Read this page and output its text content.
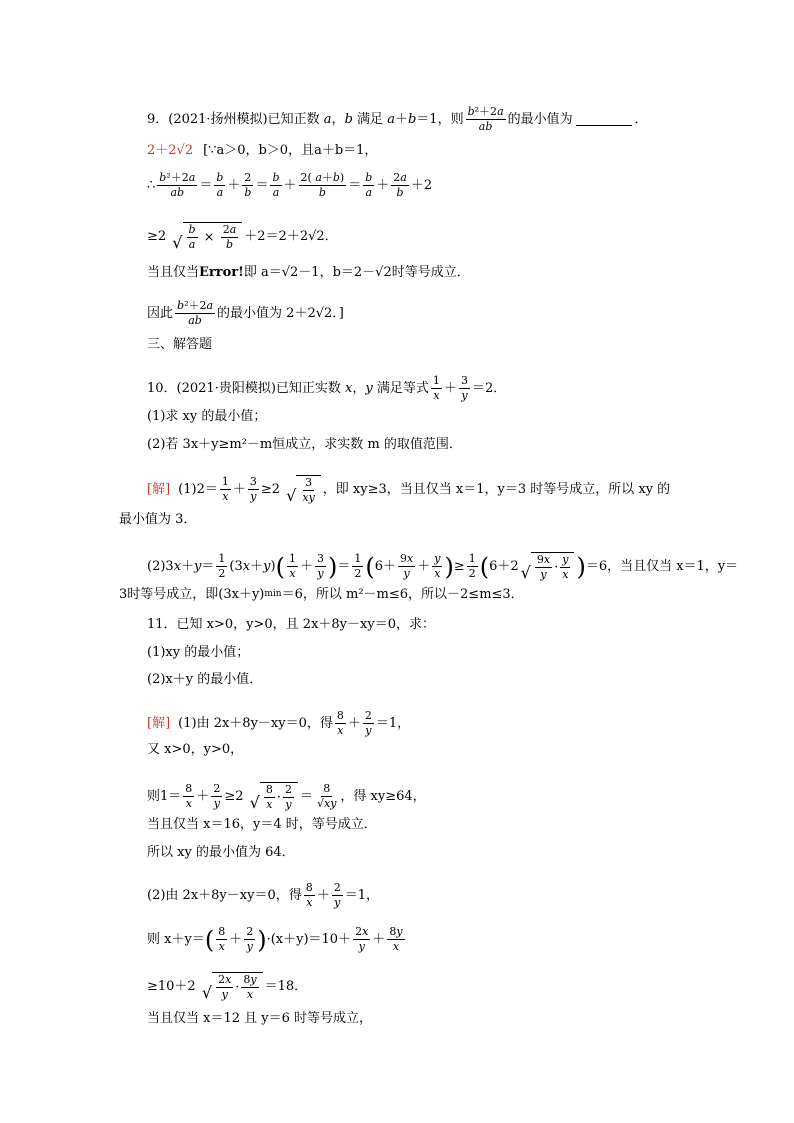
9．(2021·扬州模拟)已知正数
a ， b
满足
a ＋ b ＝1， 则 $\frac{\text{b²＋2a}}{ab}$ 的最小值为	．
2＋2√2 [∵a＞0，b＞0，且a＋b＝1，
∴ $\frac{\text{b²＋2a}}{ab} = \frac{b}{a} + \frac{2}{b} = \frac{b}{a} + \frac{2( a+b)}{b} = \frac{b}{a} + \frac{2a}{b} +2$
≥2 √ $\frac{b}{a} \times \frac{2a}{b} +2=2+2√2$．
当且仅当 Error! 即 a＝√2－1，b＝2－√2时等号成立．
因此 $\frac{\text{b²＋2a}}{ab}$ 的最小值为 2＋2√2．]
三、解答题
10．(2021·贵阳模拟)已知正实数
x ， y
满足等式 $\frac{1}{x} + \frac{3}{y} =2$．
(1)求 xy 的最小值；
(2)若 3x＋y≥m²－m恒成立，求实数 m 的取值范围．
[解] $(1)2= \frac{1}{x} + \frac{3}{y} \ge 2$ √ $\frac{3}{xy}$ ，即 xy≥3，当且仅当 x＝1，y＝3 时等号成立，所以 xy 的
最小值为 3．
(2)3 $x + y = \frac{1}{2} (3$ x ＋ y ) ( $\frac{1}{x} + \frac{3}{y}$ ) ＝ $\frac{1}{2}$ ( $6+ \frac{9x}{y} + \frac{y}{x}$ ) ≥ $\frac{1}{2}$ ( 6＋2 √ $\frac{9x}{y} \cdot \frac{y}{x}$ ) ＝6，当且仅当 x＝1，y＝
3时等号成立，即(3x＋y) min ＝6，所以 m²－m≤6，所以－2≤m≤3．
11．已知 x>0，y>0，且 2x＋8y－xy＝0，求：
(1)xy 的最小值；
(2)x＋y 的最小值．
[解] (1)由 2x＋8y－xy＝0，得 $\frac{8}{x} + \frac{2}{y} =1$，
又 x>0，y>0，
则 $1= \frac{8}{x} + \frac{2}{y} \ge 2$ √ $\frac{8}{x} \cdot \frac{2}{y} = \frac{8}{√xy}$ ，得 xy≥64，
当且仅当 x＝16，y＝4 时，等号成立．
所以 xy 的最小值为 64．
(2)由 2x＋8y－xy＝0，得 $\frac{8}{x} + \frac{2}{y} =1$，
则 x＋y＝ ( $\frac{8}{x} + \frac{2}{y}$ ) $\cdot(x+y)=10+ \frac{2x}{y} + \frac{8y}{x}$
≥10＋2
√ $\frac{2x}{y} \cdot \frac{8y}{x} =18$．
当且仅当 x＝12 且 y＝6 时等号成立，
